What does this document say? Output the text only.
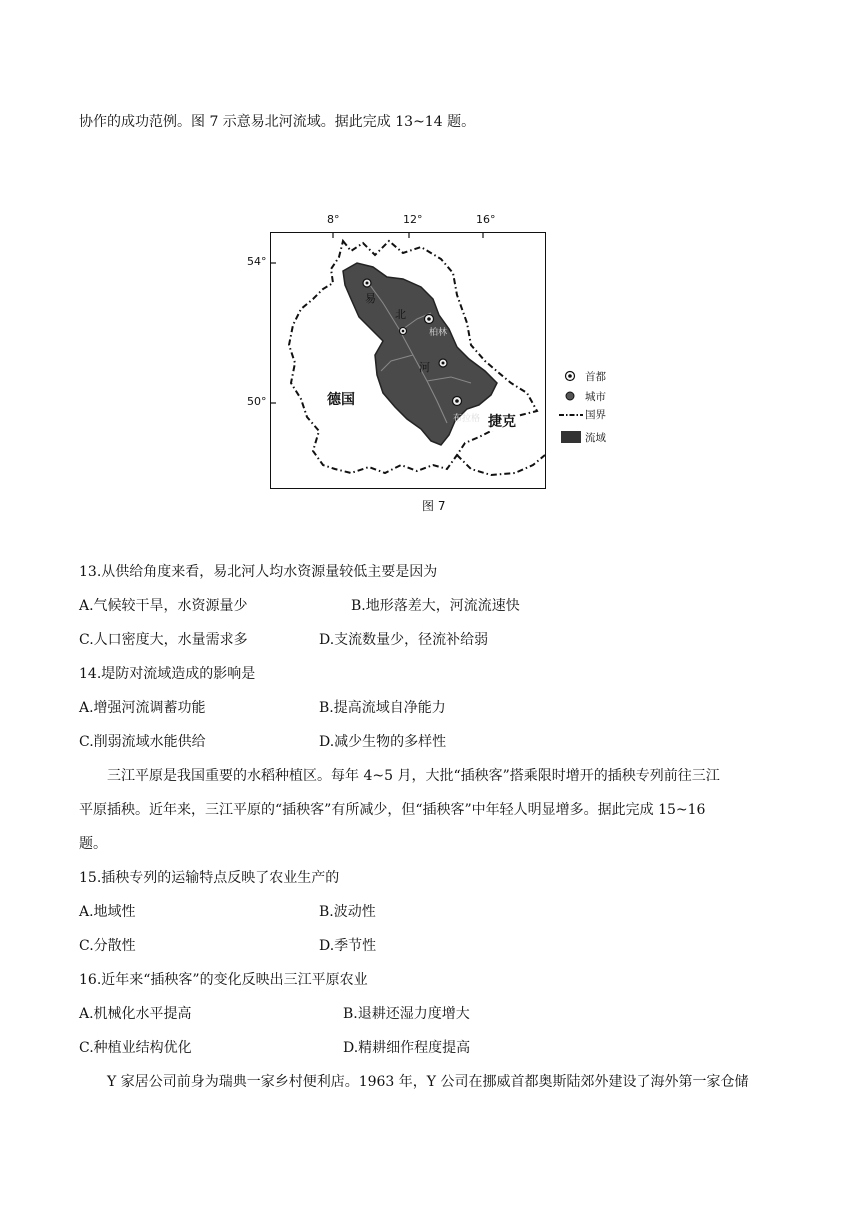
协作的成功范例。图 7 示意易北河流域。据此完成 13~14 题。
8°	12°	16°
54°
50°	德国
捷克
易
北
河
柏林
布拉格
首都
城市
国界
流域
图 7
13.从供给角度来看，易北河人均水资源量较低主要是因为
A.气候较干旱，水资源量少	B.地形落差大，河流流速快
C.人口密度大，水量需求多	D.支流数量少，径流补给弱
14.堤防对流域造成的影响是
A.增强河流调蓄功能	B.提高流域自净能力
C.削弱流域水能供给	D.减少生物的多样性
三江平原是我国重要的水稻种植区。每年 4~5 月，大批“插秧客”搭乘限时增开的插秧专列前往三江
平原插秧。近年来，三江平原的“插秧客”有所减少，但“插秧客”中年轻人明显增多。据此完成 15~16
题。
15.插秧专列的运输特点反映了农业生产的
A.地域性	B.波动性
C.分散性	D.季节性
16.近年来“插秧客”的变化反映出三江平原农业
A.机械化水平提高	B.退耕还湿力度增大
C.种植业结构优化	D.精耕细作程度提高
Y 家居公司前身为瑞典一家乡村便利店。1963 年，Y 公司在挪威首都奥斯陆郊外建设了海外第一家仓储
